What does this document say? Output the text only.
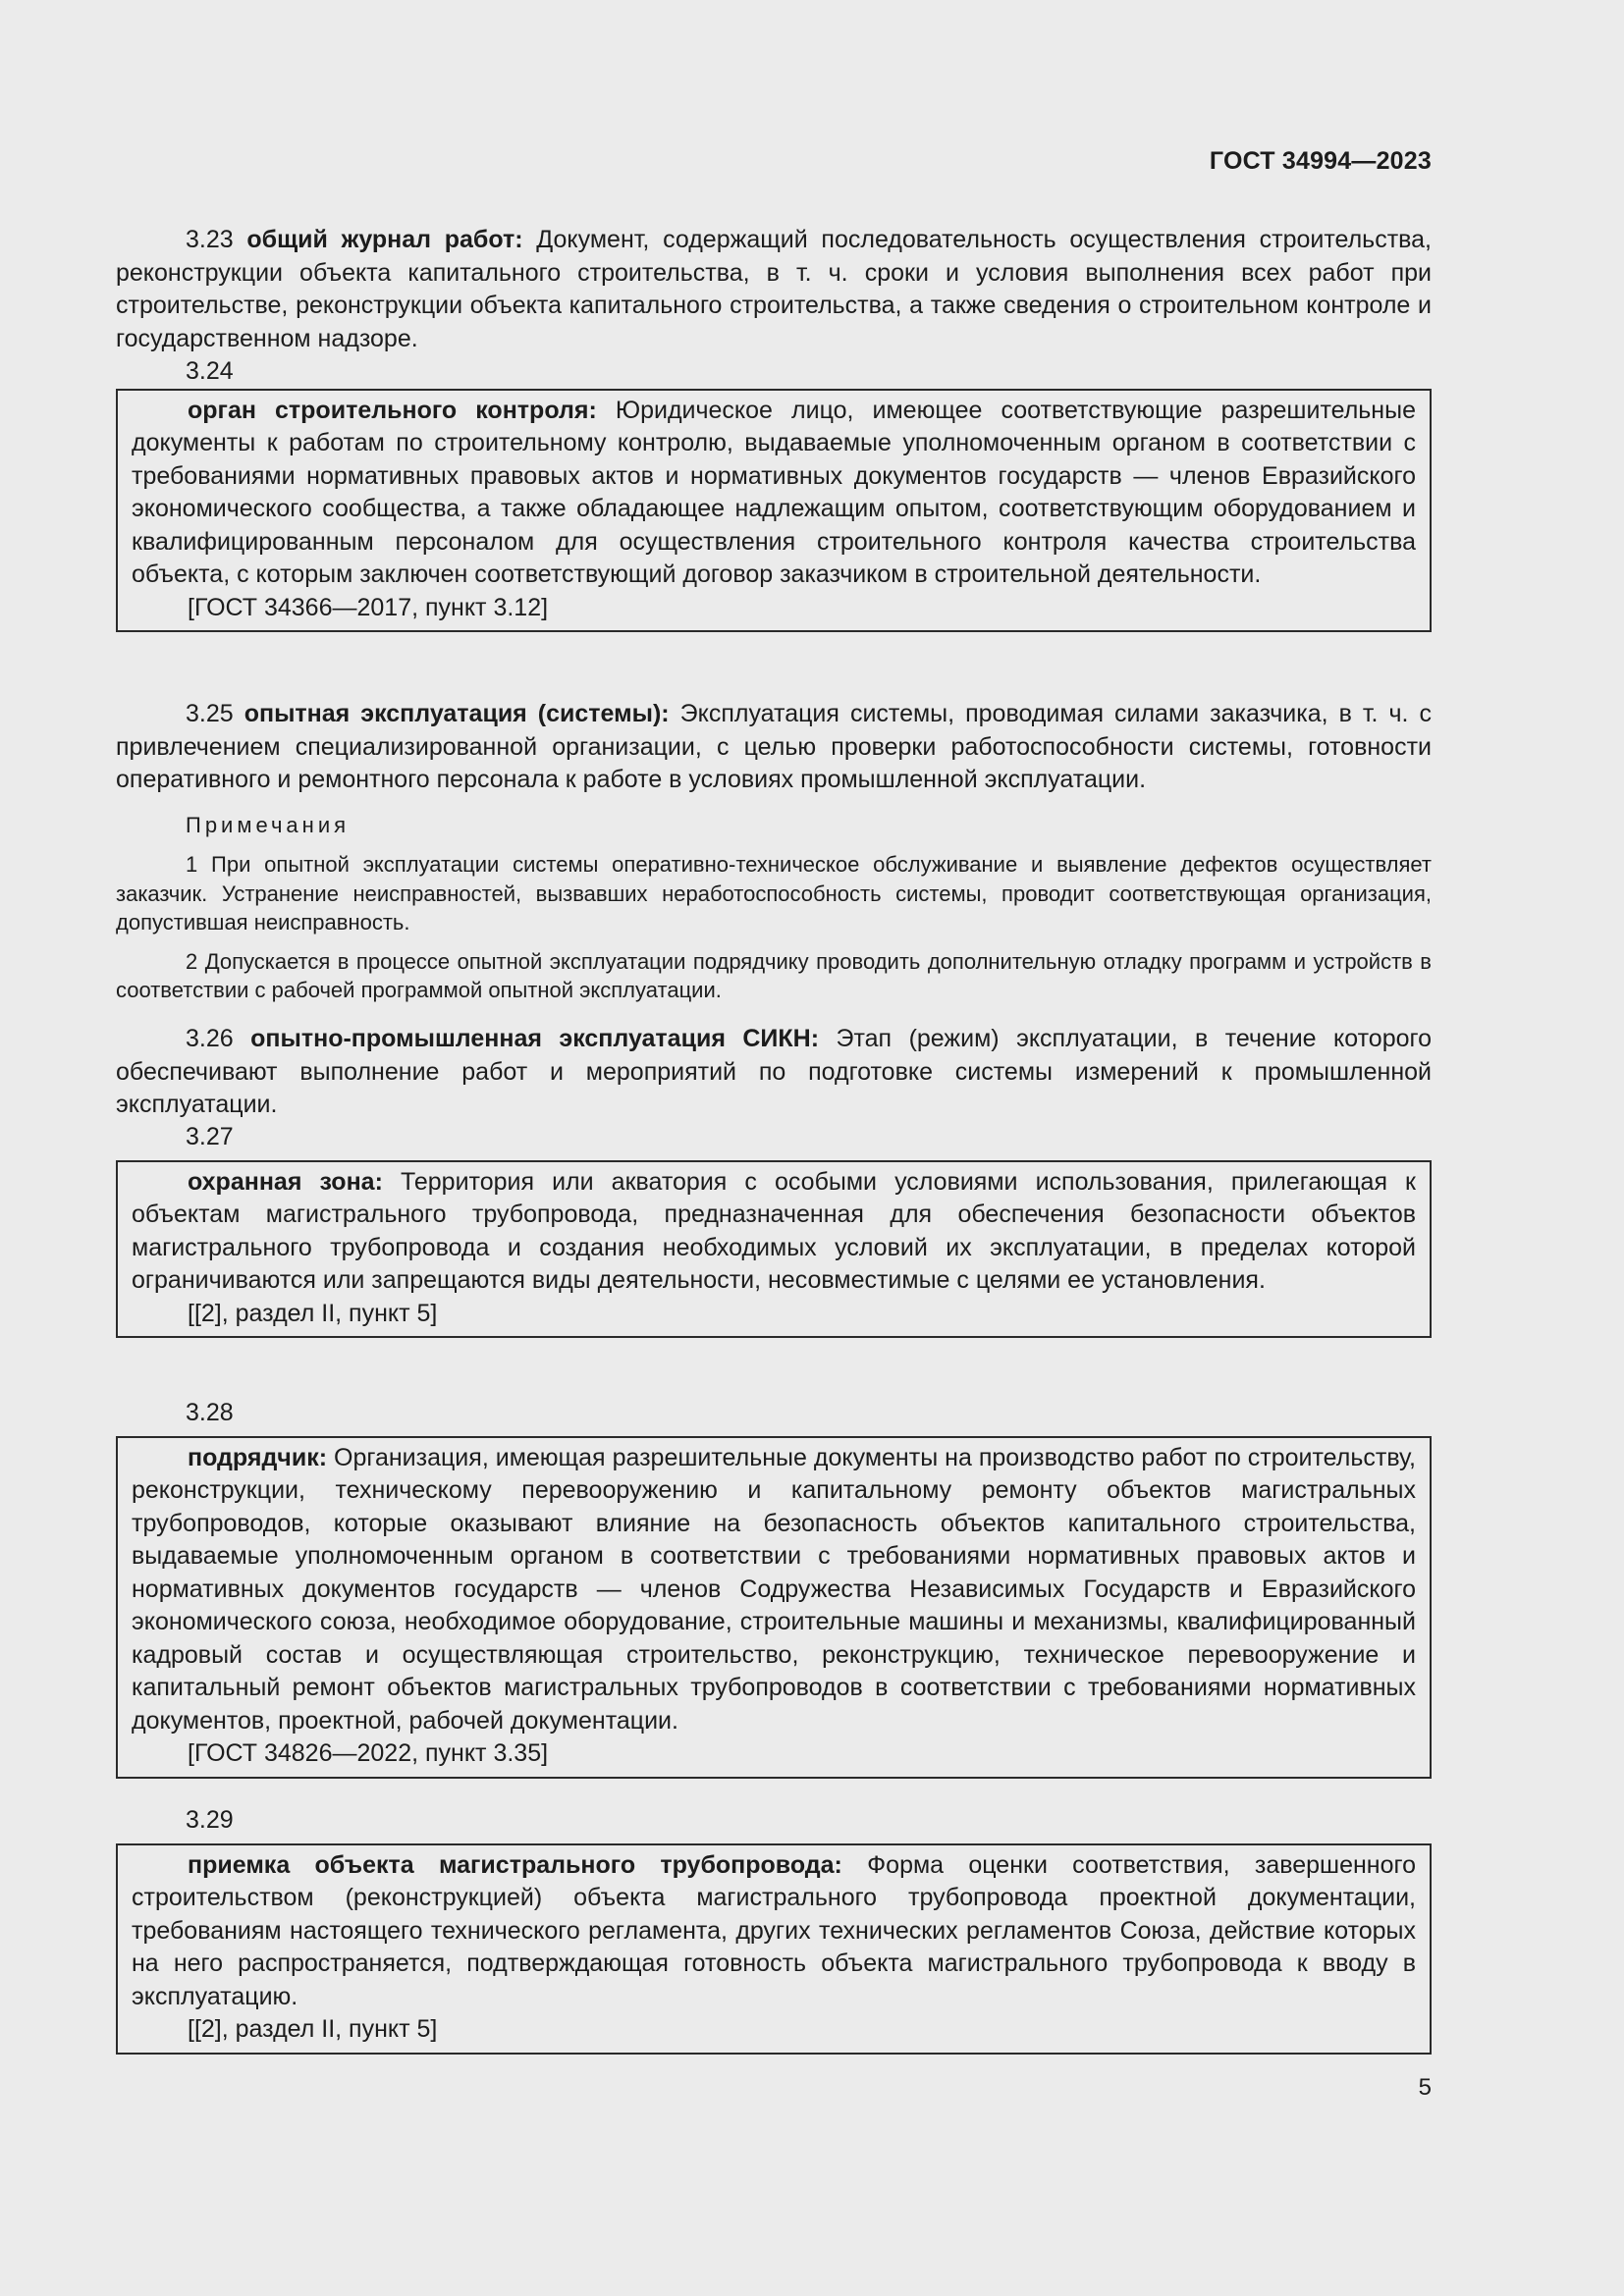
ГОСТ 34994—2023

3.23 общий журнал работ: Документ, содержащий последовательность осуществления строительства, реконструкции объекта капитального строительства, в т. ч. сроки и условия выполнения всех работ при строительстве, реконструкции объекта капитального строительства, а также сведения о строительном контроле и государственном надзоре.

3.24

орган строительного контроля: Юридическое лицо, имеющее соответствующие разрешительные документы к работам по строительному контролю, выдаваемые уполномоченным органом в соответствии с требованиями нормативных правовых актов и нормативных документов государств — членов Евразийского экономического сообщества, а также обладающее надлежащим опытом, соответствующим оборудованием и квалифицированным персоналом для осуществления строительного контроля качества строительства объекта, с которым заключен соответствующий договор заказчиком в строительной деятельности.

[ГОСТ 34366—2017, пункт 3.12]

3.25 опытная эксплуатация (системы): Эксплуатация системы, проводимая силами заказчика, в т. ч. с привлечением специализированной организации, с целью проверки работоспособности системы, готовности оперативного и ремонтного персонала к работе в условиях промышленной эксплуатации.

Примечания

1 При опытной эксплуатации системы оперативно-техническое обслуживание и выявление дефектов осуществляет заказчик. Устранение неисправностей, вызвавших неработоспособность системы, проводит соответствующая организация, допустившая неисправность.

2 Допускается в процессе опытной эксплуатации подрядчику проводить дополнительную отладку программ и устройств в соответствии с рабочей программой опытной эксплуатации.

3.26 опытно-промышленная эксплуатация СИКН: Этап (режим) эксплуатации, в течение которого обеспечивают выполнение работ и мероприятий по подготовке системы измерений к промышленной эксплуатации.

3.27

охранная зона: Территория или акватория с особыми условиями использования, прилегающая к объектам магистрального трубопровода, предназначенная для обеспечения безопасности объектов магистрального трубопровода и создания необходимых условий их эксплуатации, в пределах которой ограничиваются или запрещаются виды деятельности, несовместимые с целями ее установления.

[[2], раздел II, пункт 5]

3.28

подрядчик: Организация, имеющая разрешительные документы на производство работ по строительству, реконструкции, техническому перевооружению и капитальному ремонту объектов магистральных трубопроводов, которые оказывают влияние на безопасность объектов капитального строительства, выдаваемые уполномоченным органом в соответствии с требованиями нормативных правовых актов и нормативных документов государств — членов Содружества Независимых Государств и Евразийского экономического союза, необходимое оборудование, строительные машины и механизмы, квалифицированный кадровый состав и осуществляющая строительство, реконструкцию, техническое перевооружение и капитальный ремонт объектов магистральных трубопроводов в соответствии с требованиями нормативных документов, проектной, рабочей документации.

[ГОСТ 34826—2022, пункт 3.35]

3.29

приемка объекта магистрального трубопровода: Форма оценки соответствия, завершенного строительством (реконструкцией) объекта магистрального трубопровода проектной документации, требованиям настоящего технического регламента, других технических регламентов Союза, действие которых на него распространяется, подтверждающая готовность объекта магистрального трубопровода к вводу в эксплуатацию.

[[2], раздел II, пункт 5]

5
